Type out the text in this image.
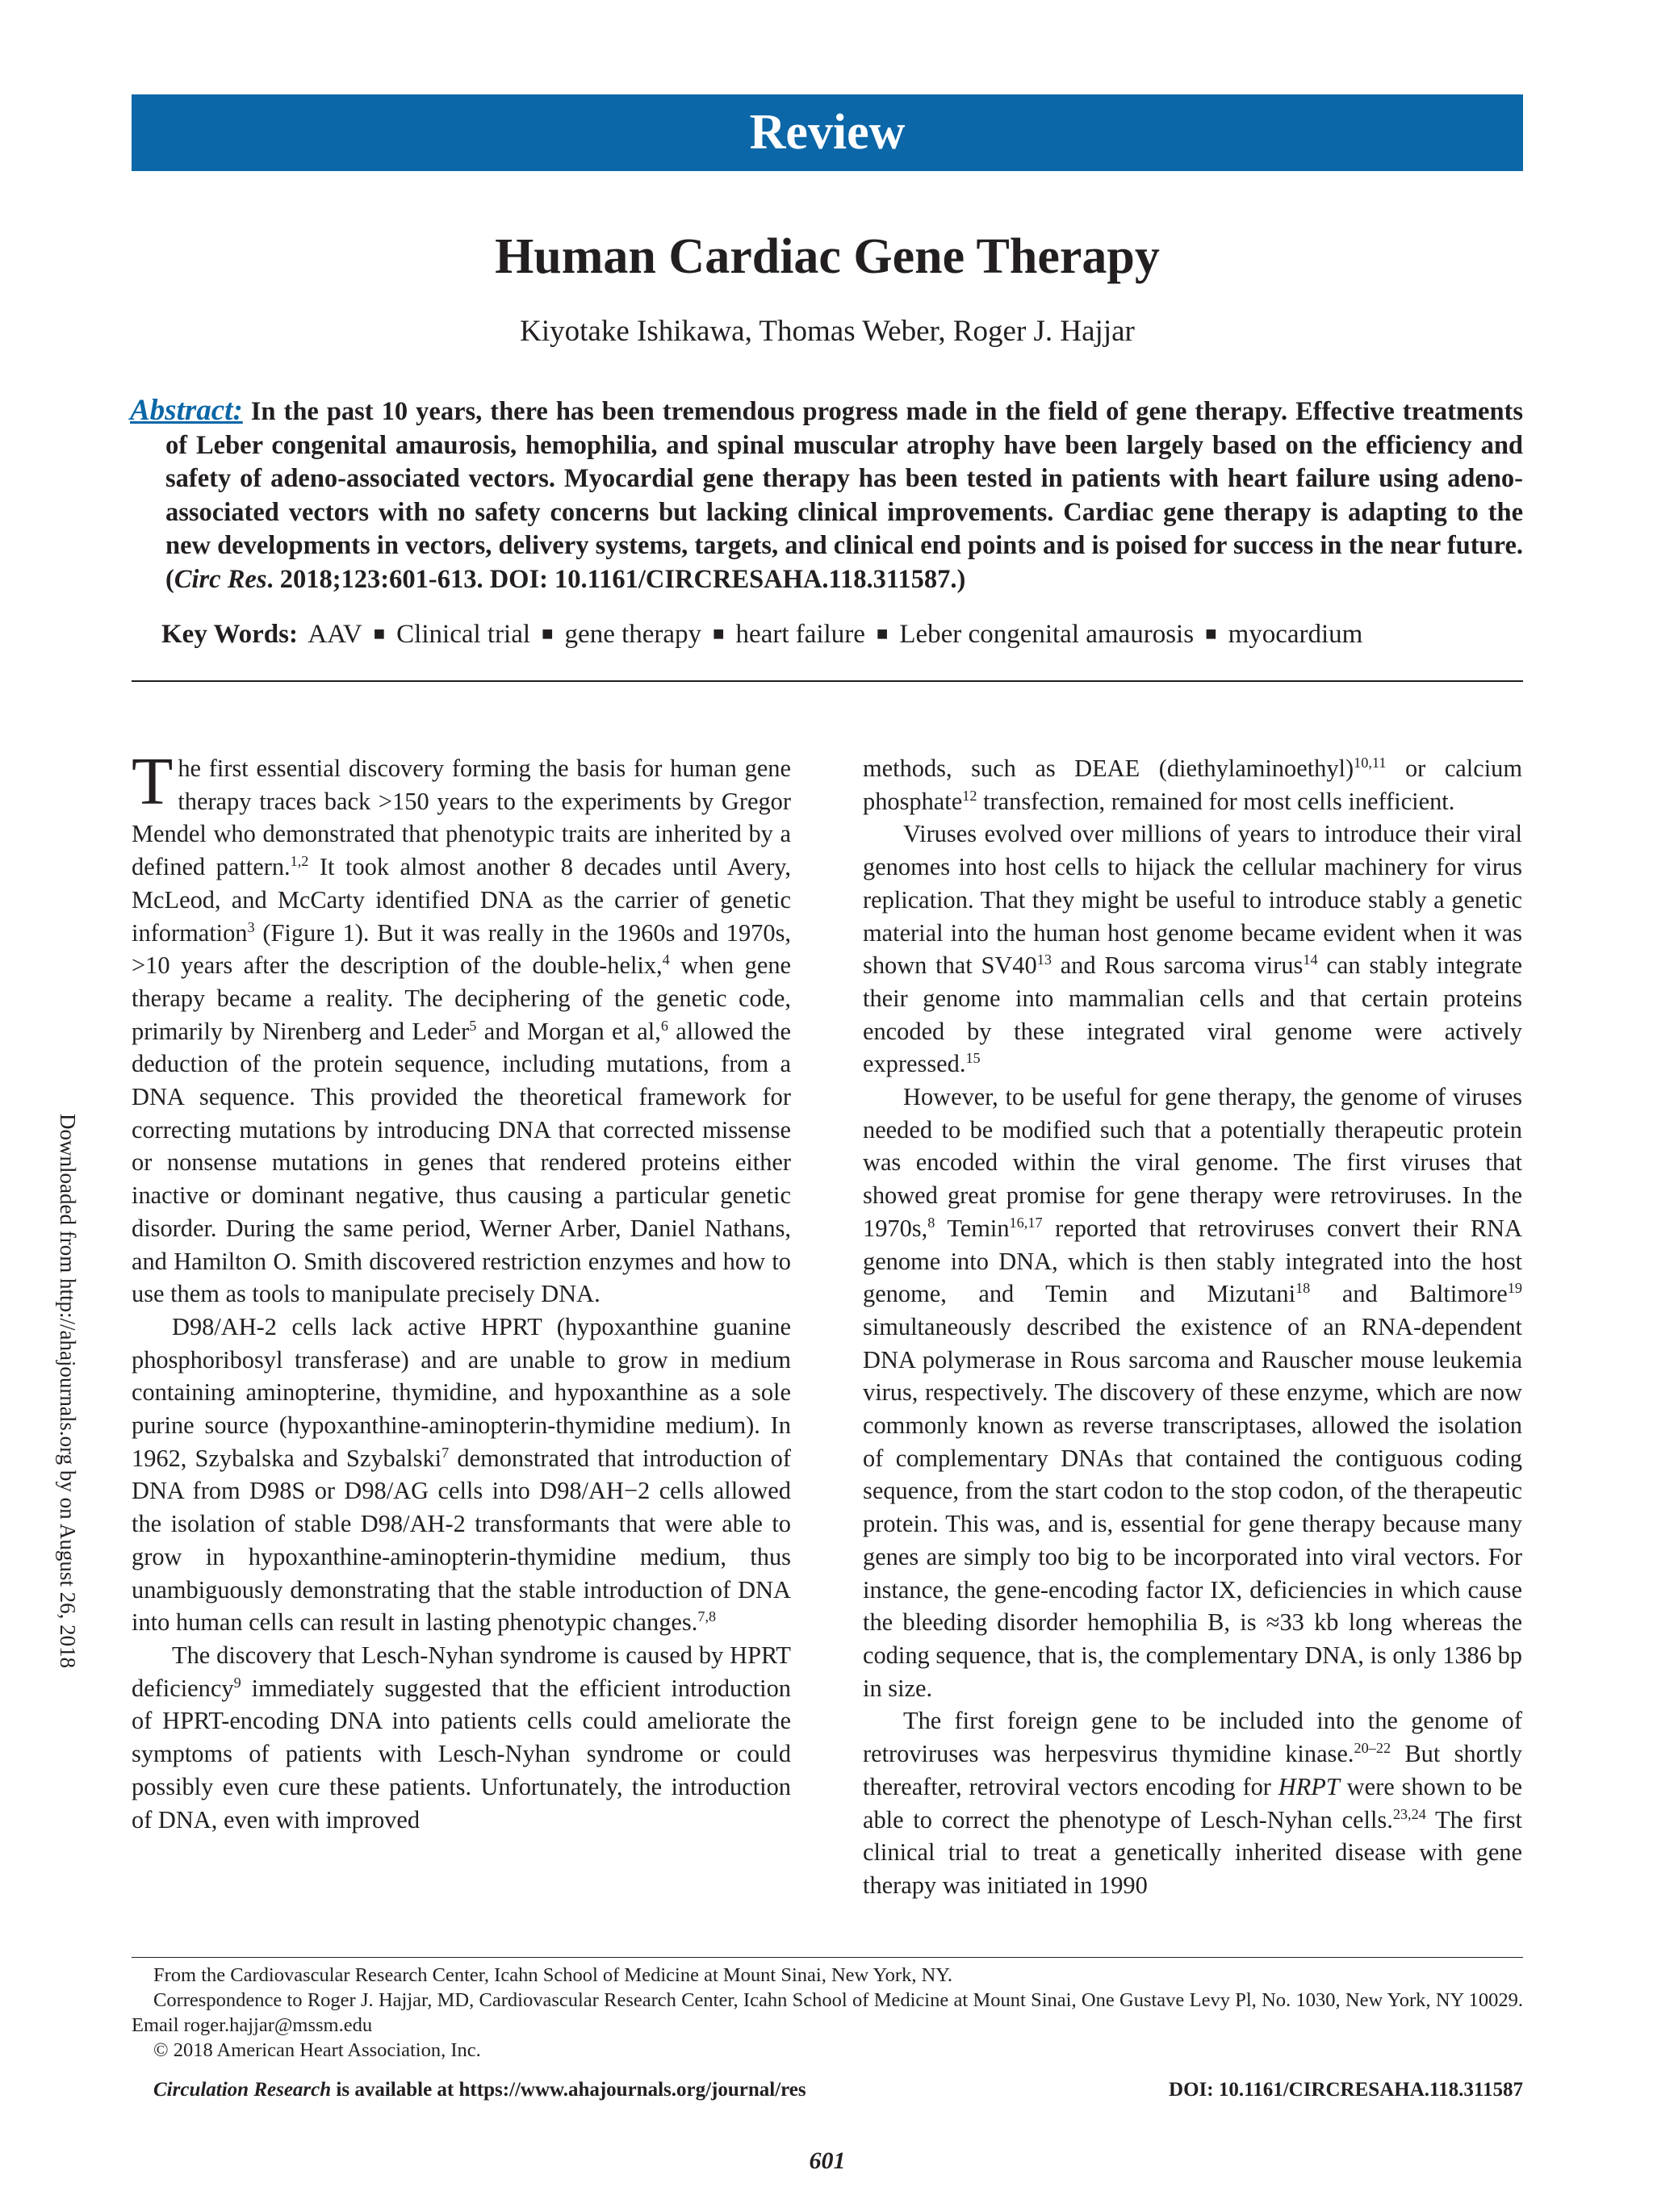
Review
Human Cardiac Gene Therapy
Kiyotake Ishikawa, Thomas Weber, Roger J. Hajjar
Abstract: In the past 10 years, there has been tremendous progress made in the field of gene therapy. Effective treatments of Leber congenital amaurosis, hemophilia, and spinal muscular atrophy have been largely based on the efficiency and safety of adeno-associated vectors. Myocardial gene therapy has been tested in patients with heart failure using adeno-associated vectors with no safety concerns but lacking clinical improvements. Cardiac gene therapy is adapting to the new developments in vectors, delivery systems, targets, and clinical end points and is poised for success in the near future. (Circ Res. 2018;123:601-613. DOI: 10.1161/CIRCRESAHA.118.311587.)
Key Words: AAV ■ Clinical trial ■ gene therapy ■ heart failure ■ Leber congenital amaurosis ■ myocardium
Downloaded from http://ahajournals.org by on August 26, 2018

The first essential discovery forming the basis for human gene therapy traces back >150 years to the experiments by Gregor Mendel who demonstrated that phenotypic traits are inherited by a defined pattern.$^{1,2}$ It took almost another 8 decades until Avery, McLeod, and McCarty identified DNA as the carrier of genetic information$^3$ (Figure 1). But it was really in the 1960s and 1970s, >10 years after the description of the double-helix,$^4$ when gene therapy became a reality. The deciphering of the genetic code, primarily by Nirenberg and Leder$^5$ and Morgan et al,$^6$ allowed the deduction of the protein sequence, including mutations, from a DNA sequence. This provided the theoretical framework for correcting mutations by introducing DNA that corrected missense or nonsense mutations in genes that rendered proteins either inactive or dominant negative, thus causing a particular genetic disorder. During the same period, Werner Arber, Daniel Nathans, and Hamilton O. Smith discovered restriction enzymes and how to use them as tools to manipulate precisely DNA.

D98/AH-2 cells lack active HPRT (hypoxanthine guanine phosphoribosyl transferase) and are unable to grow in medium containing aminopterine, thymidine, and hypoxanthine as a sole purine source (hypoxanthine-aminopterin-thymidine medium). In 1962, Szybalska and Szybalski$^7$ demonstrated that introduction of DNA from D98S or D98/AG cells into D98/AH−2 cells allowed the isolation of stable D98/AH-2 transformants that were able to grow in hypoxanthine-aminopterin-thymidine medium, thus unambiguously demonstrating that the stable introduction of DNA into human cells can result in lasting phenotypic changes.$^{7,8}$

The discovery that Lesch-Nyhan syndrome is caused by HPRT deficiency$^9$ immediately suggested that the efficient introduction of HPRT-encoding DNA into patients cells could ameliorate the symptoms of patients with Lesch-Nyhan syndrome or could possibly even cure these patients. Unfortunately, the introduction of DNA, even with improved

methods, such as DEAE (diethylaminoethyl)$^{10,11}$ or calcium phosphate$^{12}$ transfection, remained for most cells inefficient.

Viruses evolved over millions of years to introduce their viral genomes into host cells to hijack the cellular machinery for virus replication. That they might be useful to introduce stably a genetic material into the human host genome became evident when it was shown that $SV40^{13}$ and Rous sarcoma virus$^{14}$ can stably integrate their genome into mammalian cells and that certain proteins encoded by these integrated viral genome were actively expressed.$^{15}$

However, to be useful for gene therapy, the genome of viruses needed to be modified such that a potentially therapeutic protein was encoded within the viral genome. The first viruses that showed great promise for gene therapy were retroviruses. In the 1970s,$^8$ Temin$^{16,17}$ reported that retroviruses convert their RNA genome into DNA, which is then stably integrated into the host genome, and Temin and Mizutani$^{18}$ and Baltimore$^{19}$ simultaneously described the existence of an RNA-dependent DNA polymerase in Rous sarcoma and Rauscher mouse leukemia virus, respectively. The discovery of these enzyme, which are now commonly known as reverse transcriptases, allowed the isolation of complementary DNAs that contained the contiguous coding sequence, from the start codon to the stop codon, of the therapeutic protein. This was, and is, essential for gene therapy because many genes are simply too big to be incorporated into viral vectors. For instance, the gene-encoding factor IX, deficiencies in which cause the bleeding disorder hemophilia B, is ≈33 kb long whereas the coding sequence, that is, the complementary DNA, is only 1386 bp in size.

The first foreign gene to be included into the genome of retroviruses was herpesvirus thymidine kinase.$^{20-22}$ But shortly thereafter, retroviral vectors encoding for HRPT were shown to be able to correct the phenotype of Lesch-Nyhan cells.$^{23,24}$ The first clinical trial to treat a genetically inherited disease with gene therapy was initiated in 1990

From the Cardiovascular Research Center, Icahn School of Medicine at Mount Sinai, New York, NY.

Correspondence to Roger J. Hajjar, MD, Cardiovascular Research Center, Icahn School of Medicine at Mount Sinai, One Gustave Levy Pl, No. 1030, New York, NY 10029. Email roger.hajjar@mssm.edu

© 2018 American Heart Association, Inc.

Circulation Research is available at https://www.ahajournals.org/journal/res	DOI: 10.1161/CIRCRESAHA.118.311587
601
